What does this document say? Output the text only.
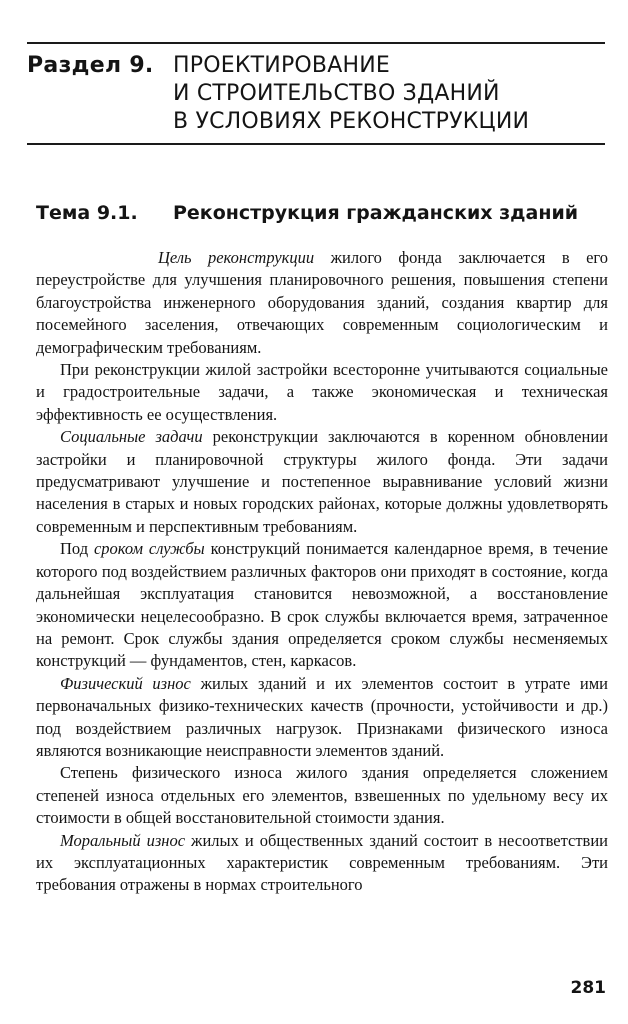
Раздел 9. ПРОЕКТИРОВАНИЕ
И СТРОИТЕЛЬСТВО ЗДАНИЙ
В УСЛОВИЯХ РЕКОНСТРУКЦИИ
Тема 9.1. Реконструкция гражданских зданий

Цель реконструкции жилого фонда заключается в его переустройстве для улучшения планировочного решения, повышения степени благоустройства инженерного оборудования зданий, создания квартир для посемейного заселения, отвечающих современным социологическим и демографическим требованиям.

При реконструкции жилой застройки всесторонне учитываются социальные и градостроительные задачи, а также экономическая и техническая эффективность ее осуществления.

Социальные задачи реконструкции заключаются в коренном обновлении застройки и планировочной структуры жилого фонда. Эти задачи предусматривают улучшение и постепенное выравнивание условий жизни населения в старых и новых городских районах, которые должны удовлетворять современным и перспективным требованиям.

Под сроком службы конструкций понимается календарное время, в течение которого под воздействием различных факторов они приходят в состояние, когда дальнейшая эксплуатация становится невозможной, а восстановление экономически нецелесообразно. В срок службы включается время, затраченное на ремонт. Срок службы здания определяется сроком службы несменяемых конструкций — фундаментов, стен, каркасов.

Физический износ жилых зданий и их элементов состоит в утрате ими первоначальных физико-технических качеств (прочности, устойчивости и др.) под воздействием различных нагрузок. Признаками физического износа являются возникающие неисправности элементов зданий.

Степень физического износа жилого здания определяется сложением степеней износа отдельных его элементов, взвешенных по удельному весу их стоимости в общей восстановительной стоимости здания.

Моральный износ жилых и общественных зданий состоит в несоответствии их эксплуатационных характеристик современным требованиям. Эти требования отражены в нормах строительного

281
